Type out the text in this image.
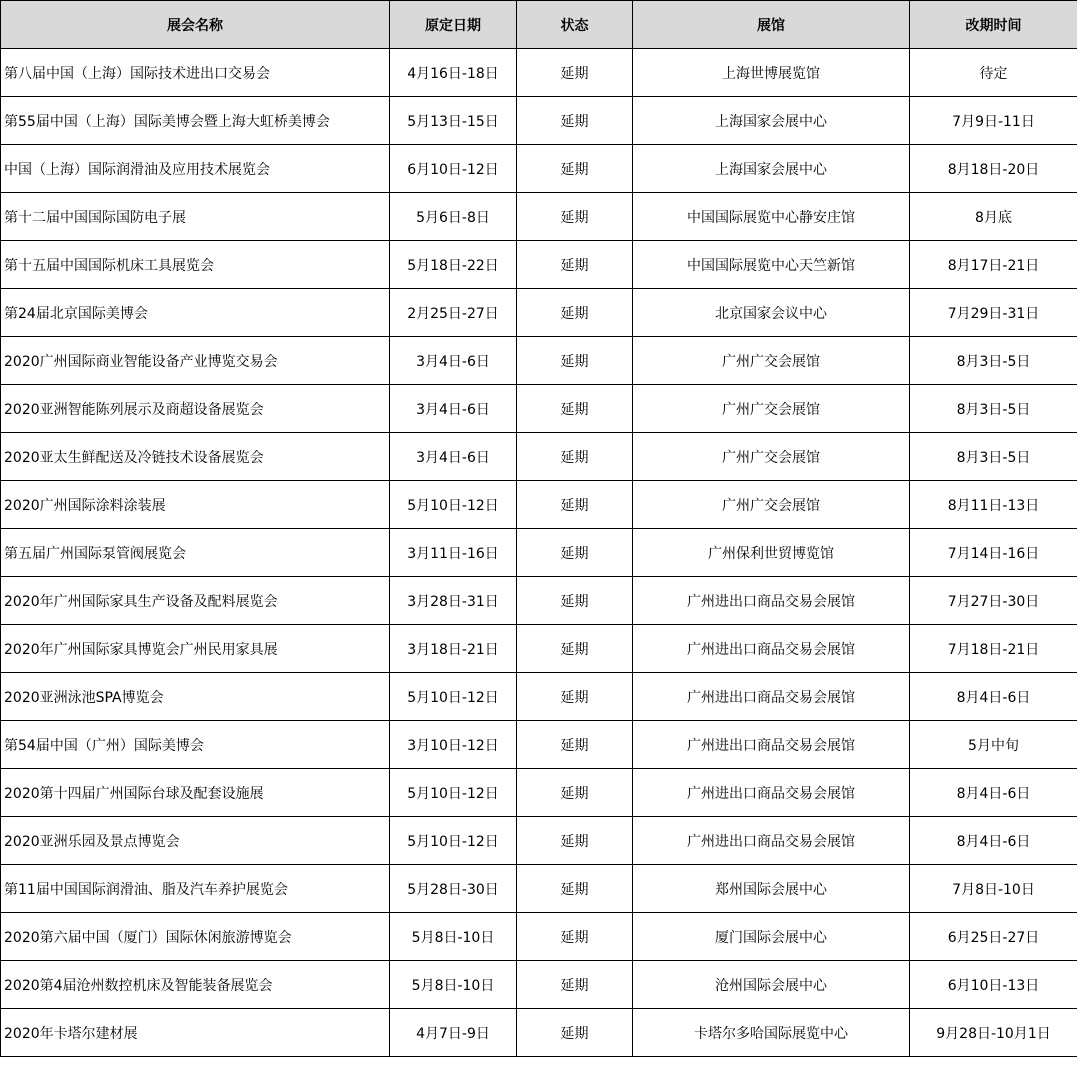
展会名称	原定日期	状态	展馆	改期时间
第八届中国（上海）国际技术进出口交易会	4月16日-18日	延期	上海世博展览馆	待定
第55届中国（上海）国际美博会暨上海大虹桥美博会	5月13日-15日	延期	上海国家会展中心	7月9日-11日
中国（上海）国际润滑油及应用技术展览会	6月10日-12日	延期	上海国家会展中心	8月18日-20日
第十二届中国国际国防电子展	5月6日-8日	延期	中国国际展览中心静安庄馆	8月底
第十五届中国国际机床工具展览会	5月18日-22日	延期	中国国际展览中心天竺新馆	8月17日-21日
第24届北京国际美博会	2月25日-27日	延期	北京国家会议中心	7月29日-31日
2020广州国际商业智能设备产业博览交易会	3月4日-6日	延期	广州广交会展馆	8月3日-5日
2020亚洲智能陈列展示及商超设备展览会	3月4日-6日	延期	广州广交会展馆	8月3日-5日
2020亚太生鲜配送及冷链技术设备展览会	3月4日-6日	延期	广州广交会展馆	8月3日-5日
2020广州国际涂料涂装展	5月10日-12日	延期	广州广交会展馆	8月11日-13日
第五届广州国际泵管阀展览会	3月11日-16日	延期	广州保利世贸博览馆	7月14日-16日
2020年广州国际家具生产设备及配料展览会	3月28日-31日	延期	广州进出口商品交易会展馆	7月27日-30日
2020年广州国际家具博览会广州民用家具展	3月18日-21日	延期	广州进出口商品交易会展馆	7月18日-21日
2020亚洲泳池SPA博览会	5月10日-12日	延期	广州进出口商品交易会展馆	8月4日-6日
第54届中国（广州）国际美博会	3月10日-12日	延期	广州进出口商品交易会展馆	5月中旬
2020第十四届广州国际台球及配套设施展	5月10日-12日	延期	广州进出口商品交易会展馆	8月4日-6日
2020亚洲乐园及景点博览会	5月10日-12日	延期	广州进出口商品交易会展馆	8月4日-6日
第11届中国国际润滑油、脂及汽车养护展览会	5月28日-30日	延期	郑州国际会展中心	7月8日-10日
2020第六届中国（厦门）国际休闲旅游博览会	5月8日-10日	延期	厦门国际会展中心	6月25日-27日
2020第4届沧州数控机床及智能装备展览会	5月8日-10日	延期	沧州国际会展中心	6月10日-13日
2020年卡塔尔建材展	4月7日-9日	延期	卡塔尔多哈国际展览中心	9月28日-10月1日
